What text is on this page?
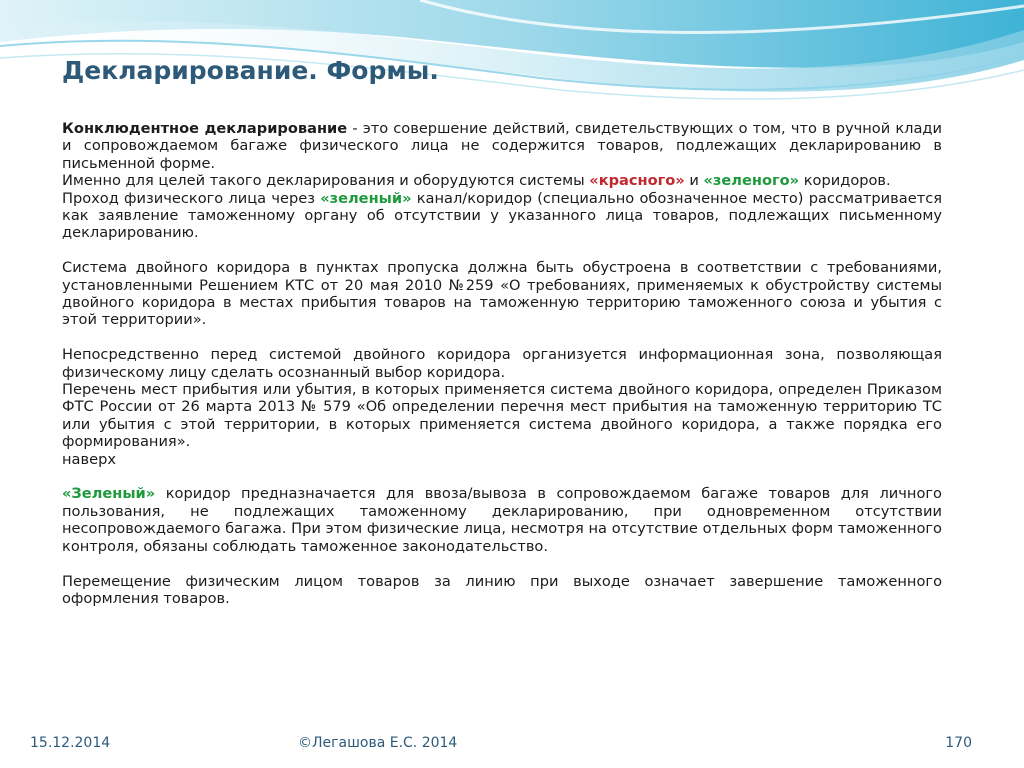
Декларирование. Формы.

Конклюдентное декларирование - это совершение действий, свидетельствующих о том, что в ручной клади и сопровождаемом багаже физического лица не содержится товаров, подлежащих декларированию в письменной форме.

Именно для целей такого декларирования и оборудуются системы «красного» и «зеленого» коридоров.

Проход физического лица через «зеленый» канал/коридор (специально обозначенное место) рассматривается как заявление таможенному органу об отсутствии у указанного лица товаров, подлежащих письменному декларированию.

Система двойного коридора в пунктах пропуска должна быть обустроена в соответствии с требованиями, установленными Решением КТС от 20 мая 2010 №259 «О требованиях, применяемых к обустройству системы двойного коридора в местах прибытия товаров на таможенную территорию таможенного союза и убытия с этой территории».

Непосредственно перед системой двойного коридора организуется информационная зона, позволяющая физическому лицу сделать осознанный выбор коридора.

Перечень мест прибытия или убытия, в которых применяется система двойного коридора, определен Приказом ФТС России от 26 марта 2013 № 579 «Об определении перечня мест прибытия на таможенную территорию ТС или убытия с этой территории, в которых применяется система двойного коридора, а также порядка его формирования».

наверх

«Зеленый» коридор предназначается для ввоза/вывоза в сопровождаемом багаже товаров для личного пользования, не подлежащих таможенному декларированию, при одновременном отсутствии несопровождаемого багажа. При этом физические лица, несмотря на отсутствие отдельных форм таможенного контроля, обязаны соблюдать таможенное законодательство.

Перемещение физическим лицом товаров за линию при выходе означает завершение таможенного оформления товаров.

15.12.2014	©Легашова Е.С. 2014	170
